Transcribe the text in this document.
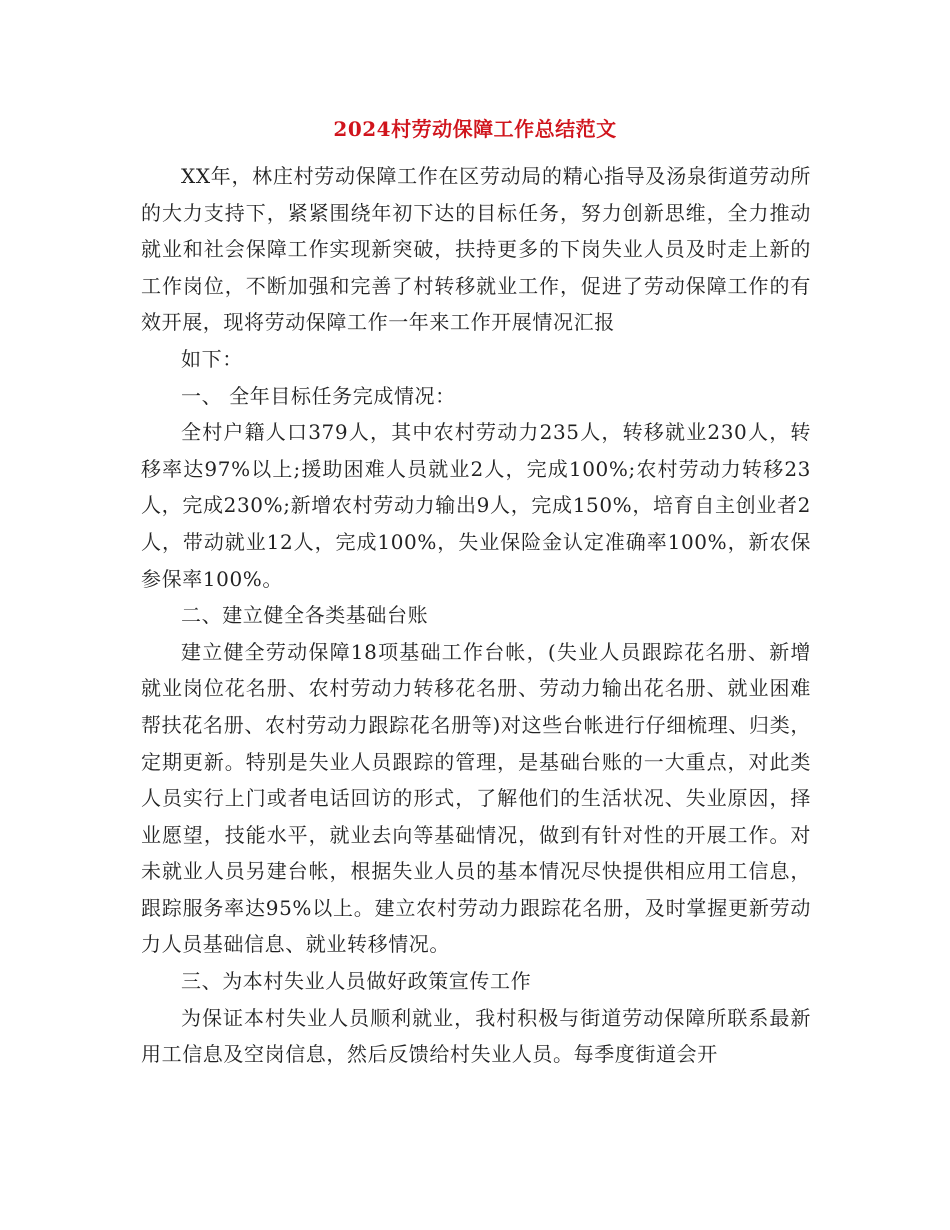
2024村劳动保障工作总结范文

XX年，林庄村劳动保障工作在区劳动局的精心指导及汤泉街道劳动所的大力支持下，紧紧围绕年初下达的目标任务，努力创新思维，全力推动就业和社会保障工作实现新突破，扶持更多的下岗失业人员及时走上新的工作岗位，不断加强和完善了村转移就业工作，促进了劳动保障工作的有效开展，现将劳动保障工作一年来工作开展情况汇报

如下：

一、 全年目标任务完成情况：

全村户籍人口379人，其中农村劳动力235人，转移就业230人，转移率达97%以上;援助困难人员就业2人，完成100%;农村劳动力转移23人，完成230%;新增农村劳动力输出9人，完成150%，培育自主创业者2人，带动就业12人，完成100%，失业保险金认定准确率100%，新农保参保率100%。

二、建立健全各类基础台账

建立健全劳动保障18项基础工作台帐，(失业人员跟踪花名册、新增就业岗位花名册、农村劳动力转移花名册、劳动力输出花名册、就业困难帮扶花名册、农村劳动力跟踪花名册等)对这些台帐进行仔细梳理、归类，定期更新。特别是失业人员跟踪的管理，是基础台账的一大重点，对此类人员实行上门或者电话回访的形式，了解他们的生活状况、失业原因，择业愿望，技能水平，就业去向等基础情况，做到有针对性的开展工作。对未就业人员另建台帐，根据失业人员的基本情况尽快提供相应用工信息，跟踪服务率达95%以上。建立农村劳动力跟踪花名册，及时掌握更新劳动力人员基础信息、就业转移情况。

三、为本村失业人员做好政策宣传工作

为保证本村失业人员顺利就业，我村积极与街道劳动保障所联系最新用工信息及空岗信息，然后反馈给村失业人员。每季度街道会开
